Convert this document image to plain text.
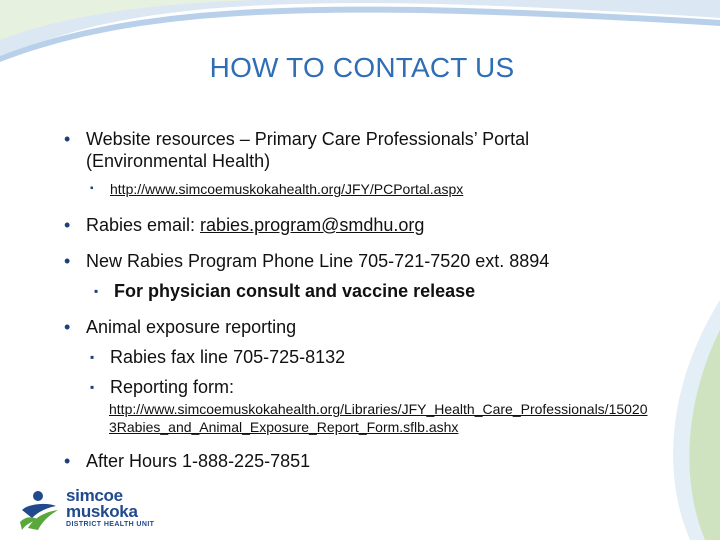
HOW TO CONTACT US
• Website resources – Primary Care Professionals’ Portal (Environmental Health)
▪	http://www.simcoemuskokahealth.org/JFY/PCPortal.aspx
• Rabies email: rabies.program@smdhu.org
• New Rabies Program Phone Line 705-721-7520 ext. 8894
▪ For physician consult and vaccine release
• Animal exposure reporting
▪ Rabies fax line 705-725-8132
▪ Reporting form:
http://www.simcoemuskokahealth.org/Libraries/JFY_Health_Care_Professionals/150203Rabies_and_Animal_Exposure_Report_Form.sflb.ashx
• After Hours 1-888-225-7851
simcoe
muskoka
DISTRICT HEALTH UNIT
